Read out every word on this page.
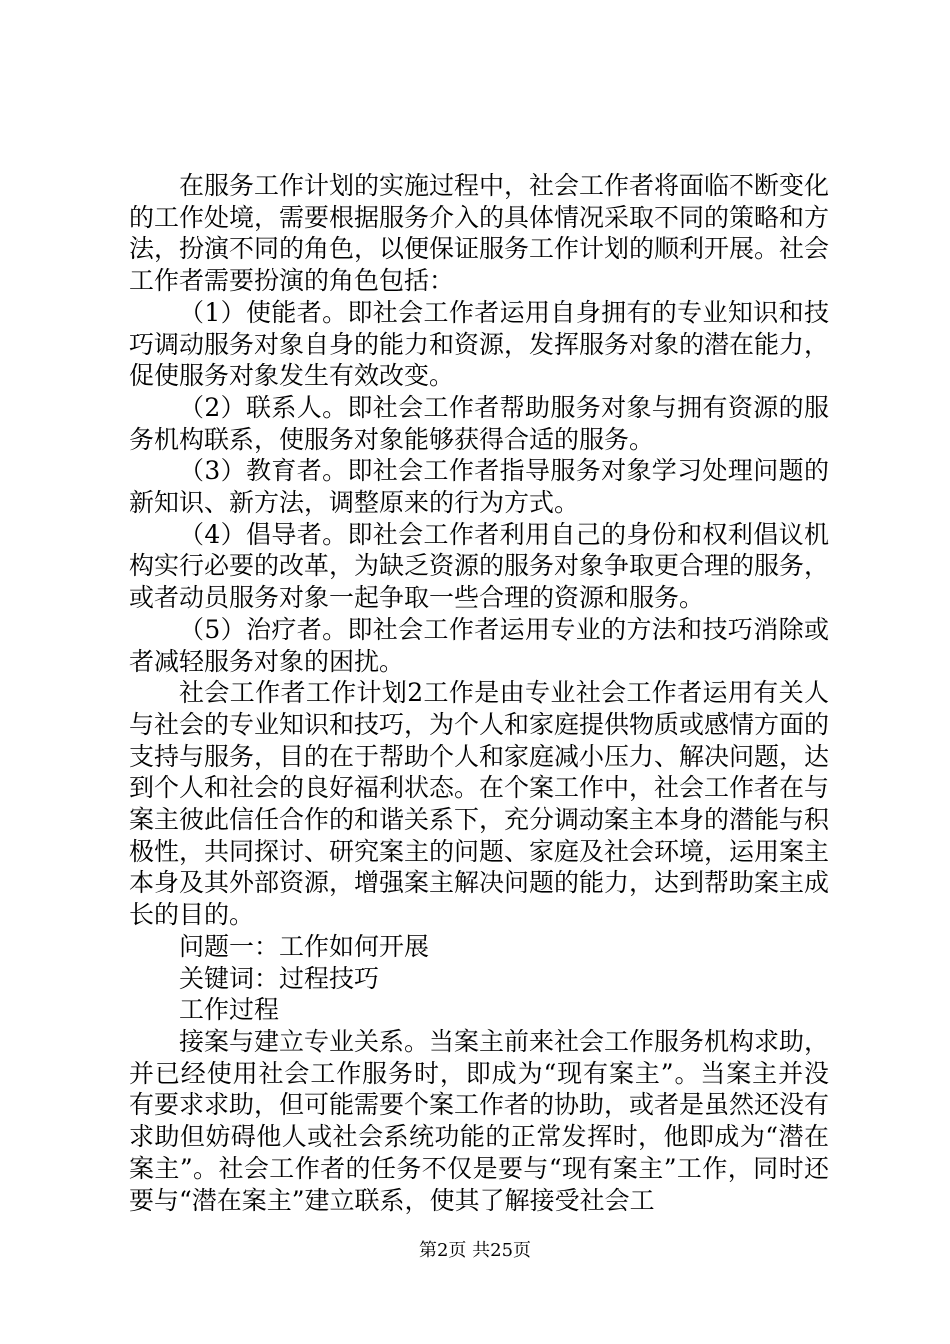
在服务工作计划的实施过程中，社会工作者将面临不断变化的工作处境，需要根据服务介入的具体情况采取不同的策略和方法，扮演不同的角色，以便保证服务工作计划的顺利开展。社会工作者需要扮演的角色包括：

（1）使能者。即社会工作者运用自身拥有的专业知识和技巧调动服务对象自身的能力和资源，发挥服务对象的潜在能力，促使服务对象发生有效改变。

（2）联系人。即社会工作者帮助服务对象与拥有资源的服务机构联系，使服务对象能够获得合适的服务。

（3）教育者。即社会工作者指导服务对象学习处理问题的新知识、新方法，调整原来的行为方式。

（4）倡导者。即社会工作者利用自己的身份和权利倡议机构实行必要的改革，为缺乏资源的服务对象争取更合理的服务，或者动员服务对象一起争取一些合理的资源和服务。

（5）治疗者。即社会工作者运用专业的方法和技巧消除或者减轻服务对象的困扰。

社会工作者工作计划2工作是由专业社会工作者运用有关人与社会的专业知识和技巧，为个人和家庭提供物质或感情方面的支持与服务，目的在于帮助个人和家庭减小压力、解决问题，达到个人和社会的良好福利状态。在个案工作中，社会工作者在与案主彼此信任合作的和谐关系下，充分调动案主本身的潜能与积极性，共同探讨、研究案主的问题、家庭及社会环境，运用案主本身及其外部资源，增强案主解决问题的能力，达到帮助案主成长的目的。

问题一：工作如何开展

关键词：过程技巧

工作过程

接案与建立专业关系。当案主前来社会工作服务机构求助，并已经使用社会工作服务时，即成为“现有案主”。当案主并没有要求求助，但可能需要个案工作者的协助，或者是虽然还没有求助但妨碍他人或社会系统功能的正常发挥时，他即成为“潜在案主”。社会工作者的任务不仅是要与“现有案主”工作，同时还要与“潜在案主”建立联系，使其了解接受社会工

第2页 共25页
